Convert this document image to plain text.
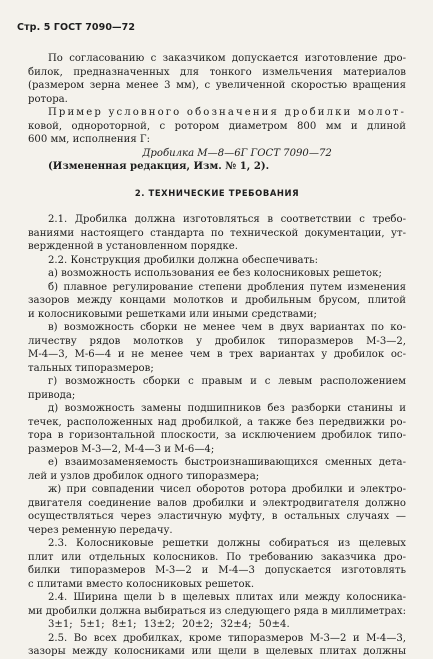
Стр. 5 ГОСТ 7090—72
По согласованию с заказчиком допускается изготовление дро-
билок, предназначенных для тонкого измельчения материалов
(размером зерна менее 3 мм), с увеличенной скоростью вращения
ротора.
Пример условного обозначения дробилки молот-
ковой, однороторной, с ротором диаметром 800 мм и длиной
600 мм, исполнения Г:
Дробилка М—8—6Г ГОСТ 7090—72
(Измененная редакция, Изм. № 1, 2).
2. ТЕХНИЧЕСКИЕ ТРЕБОВАНИЯ
2.1. Дробилка должна изготовляться в соответствии с требо-
ваниями настоящего стандарта по технической документации, ут-
вержденной в установленном порядке.
2.2. Конструкция дробилки должна обеспечивать:
а) возможность использования ее без колосниковых решеток;
б) плавное регулирование степени дробления путем изменения
зазоров между концами молотков и дробильным брусом, плитой
и колосниковыми решетками или иными средствами;
в) возможность сборки не менее чем в двух вариантах по ко-
личеству рядов молотков у дробилок типоразмеров М-3—2,
М-4—3, М-6—4 и не менее чем в трех вариантах у дробилок ос-
тальных типоразмеров;
г) возможность сборки с правым и с левым расположением
привода;
д) возможность замены подшипников без разборки станины и
течек, расположенных над дробилкой, а также без передвижки ро-
тора в горизонтальной плоскости, за исключением дробилок типо-
размеров М-3—2, М-4—3 и М-6—4;
е) взаимозаменяемость быстроизнашивающихся сменных дета-
лей и узлов дробилок одного типоразмера;
ж) при совпадении чисел оборотов ротора дробилки и электро-
двигателя соединение валов дробилки и электродвигателя должно
осуществляться через эластичную муфту, в остальных случаях —
через ременную передачу.
2.3. Колосниковые решетки должны собираться из щелевых
плит или отдельных колосников. По требованию заказчика дро-
билки типоразмеров М-3—2 и М-4—3 допускается изготовлять
с плитами вместо колосниковых решеток.
2.4. Ширина щели b в щелевых плитах или между колосника-
ми дробилки должна выбираться из следующего ряда в миллиметрах:
3±1; 5±1; 8±1; 13±2; 20±2; 32±4; 50±4.
2.5. Во всех дробилках, кроме типоразмеров М-3—2 и М-4—3,
зазоры между колосниками или щели в щелевых плитах должны
